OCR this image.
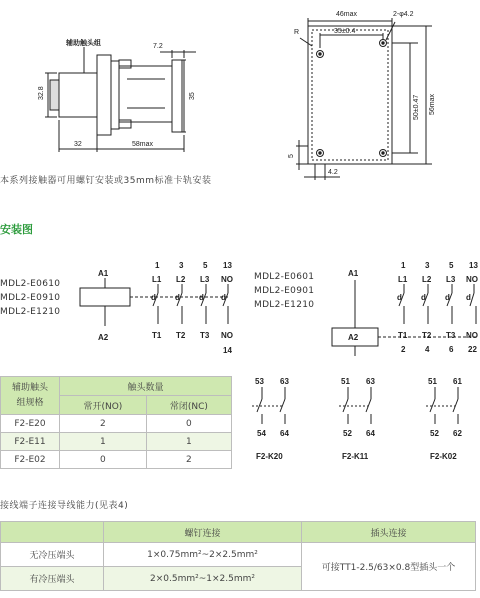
辅助触头组	7.2
32.8	35
32	58max
46max	2-φ4.2
R	35±0.4
50±0.47 56max
5
4.2
本系列接触器可用螺钉安装或35mm标准卡轨安装
安装图
MDL2-E0610
MDL2-E0910
MDL2-E1210
MDL2-E0601
MDL2-E0901
MDL2-E1210
A1
A2
1 3 5 13
L1 L2 L3 NO
d d d d
T1 T2 T3 NO
14
A1
A2
1 3 5 13
L1 L2 L3 NO
d d d d
T1 T2 T3 NO
2 4 6 22
辅助触头
组规格	触头数量	
	常开(NO)	常闭(NC)
F2-E20	2	0
F2-E11	1	1
F2-E02	0	2
53 63
54 64
F2-K20
51 63
52 64
F2-K11
51 61
52 62
F2-K02
接线端子连接导线能力(见表4)
	螺钉连接	插头连接
无冷压端头	1×0.75mm²~2×2.5mm²	可接TT1-2.5/63×0.8型插头一个
有冷压端头	2×0.5mm²~1×2.5mm²	
